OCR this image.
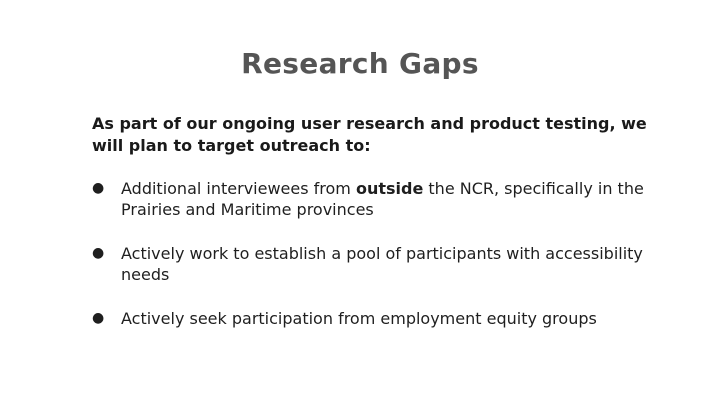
Research Gaps
As part of our ongoing user research and product testing, we will plan to target outreach to:
● Additional interviewees from outside the NCR, specifically in the Prairies and Maritime provinces
● Actively work to establish a pool of participants with accessibility needs
● Actively seek participation from employment equity groups
